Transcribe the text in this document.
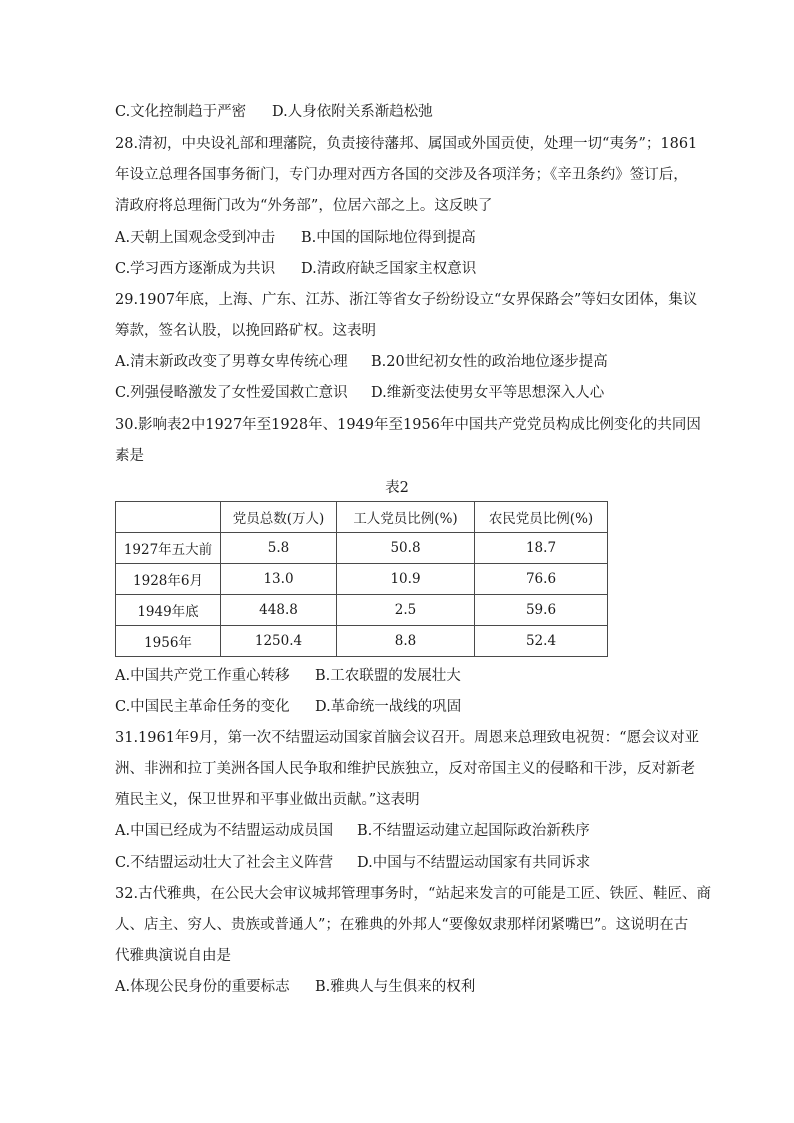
C.文化控制趋于严密 D.人身依附关系渐趋松弛
28.清初，中央设礼部和理藩院，负责接待藩邦、属国或外国贡使，处理一切“夷务”；1861
年设立总理各国事务衙门，专门办理对西方各国的交涉及各项洋务；《辛丑条约》签订后，
清政府将总理衙门改为“外务部”，位居六部之上。这反映了
A.天朝上国观念受到冲击 B.中国的国际地位得到提高
C.学习西方逐渐成为共识 D.清政府缺乏国家主权意识
29.1907年底，上海、广东、江苏、浙江等省女子纷纷设立“女界保路会”等妇女团体，集议
筹款，签名认股，以挽回路矿权。这表明
A.清末新政改变了男尊女卑传统心理 B.20世纪初女性的政治地位逐步提高
C.列强侵略激发了女性爱国救亡意识 D.维新变法使男女平等思想深入人心
30.影响表2中1927年至1928年、1949年至1956年中国共产党党员构成比例变化的共同因
素是
表2
	党员总数(万人)	工人党员比例(%)	农民党员比例(%)
1927年五大前	5.8	50.8	18.7
1928年6月	13.0	10.9	76.6
1949年底	448.8	2.5	59.6
1956年	1250.4	8.8	52.4
A.中国共产党工作重心转移 B.工农联盟的发展壮大
C.中国民主革命任务的变化 D.革命统一战线的巩固
31.1961年9月，第一次不结盟运动国家首脑会议召开。周恩来总理致电祝贺：“愿会议对亚
洲、非洲和拉丁美洲各国人民争取和维护民族独立，反对帝国主义的侵略和干涉，反对新老
殖民主义，保卫世界和平事业做出贡献。”这表明
A.中国已经成为不结盟运动成员国 B.不结盟运动建立起国际政治新秩序
C.不结盟运动壮大了社会主义阵营 D.中国与不结盟运动国家有共同诉求
32.古代雅典，在公民大会审议城邦管理事务时，“站起来发言的可能是工匠、铁匠、鞋匠、商
人、店主、穷人、贵族或普通人”；在雅典的外邦人“要像奴隶那样闭紧嘴巴”。这说明在古
代雅典演说自由是
A.体现公民身份的重要标志 B.雅典人与生俱来的权利
